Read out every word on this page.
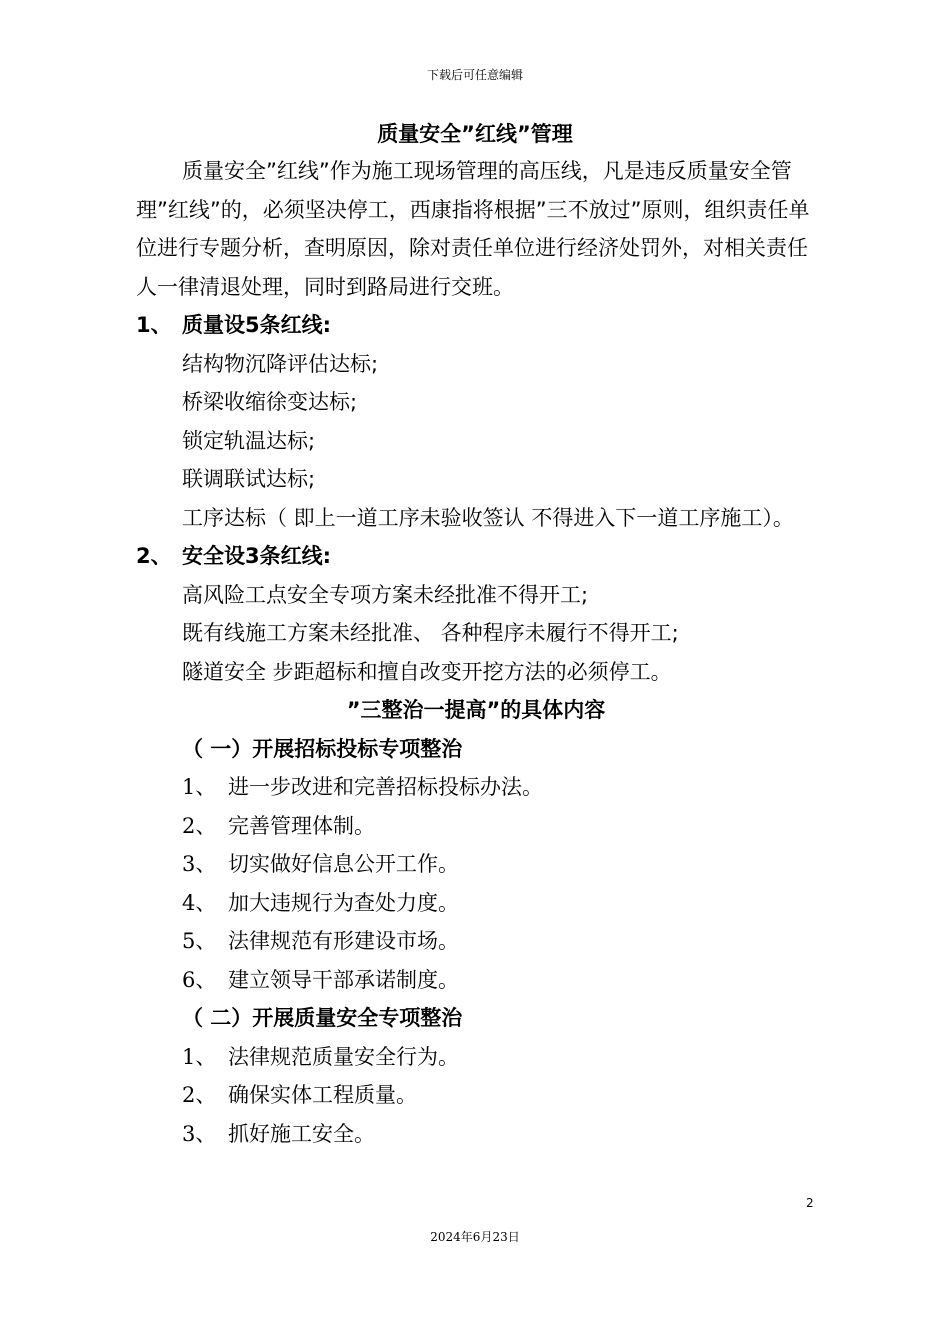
下载后可任意编辑
质量安全”红线”管理

质量安全”红线”作为施工现场管理的高压线，凡是违反质量安全管理”红线”的，必须坚决停工，西康指将根据”三不放过”原则，组织责任单位进行专题分析，查明原因，除对责任单位进行经济处罚外，对相关责任人一律清退处理，同时到路局进行交班。

1、 质量设5条红线:

结构物沉降评估达标;

桥梁收缩徐变达标;

锁定轨温达标;

联调联试达标;

工序达标（ 即上一道工序未验收签认 不得进入下一道工序施工）。

2、 安全设3条红线:

高风险工点安全专项方案未经批准不得开工;

既有线施工方案未经批准、 各种程序未履行不得开工;

隧道安全 步距超标和擅自改变开挖方法的必须停工。

”三整治一提高”的具体内容

（ 一）开展招标投标专项整治

1、 进一步改进和完善招标投标办法。

2、 完善管理体制。

3、 切实做好信息公开工作。

4、 加大违规行为查处力度。

5、 法律规范有形建设市场。

6、 建立领导干部承诺制度。

（ 二）开展质量安全专项整治

1、 法律规范质量安全行为。

2、 确保实体工程质量。

3、 抓好施工安全。

2
2024年6月23日
